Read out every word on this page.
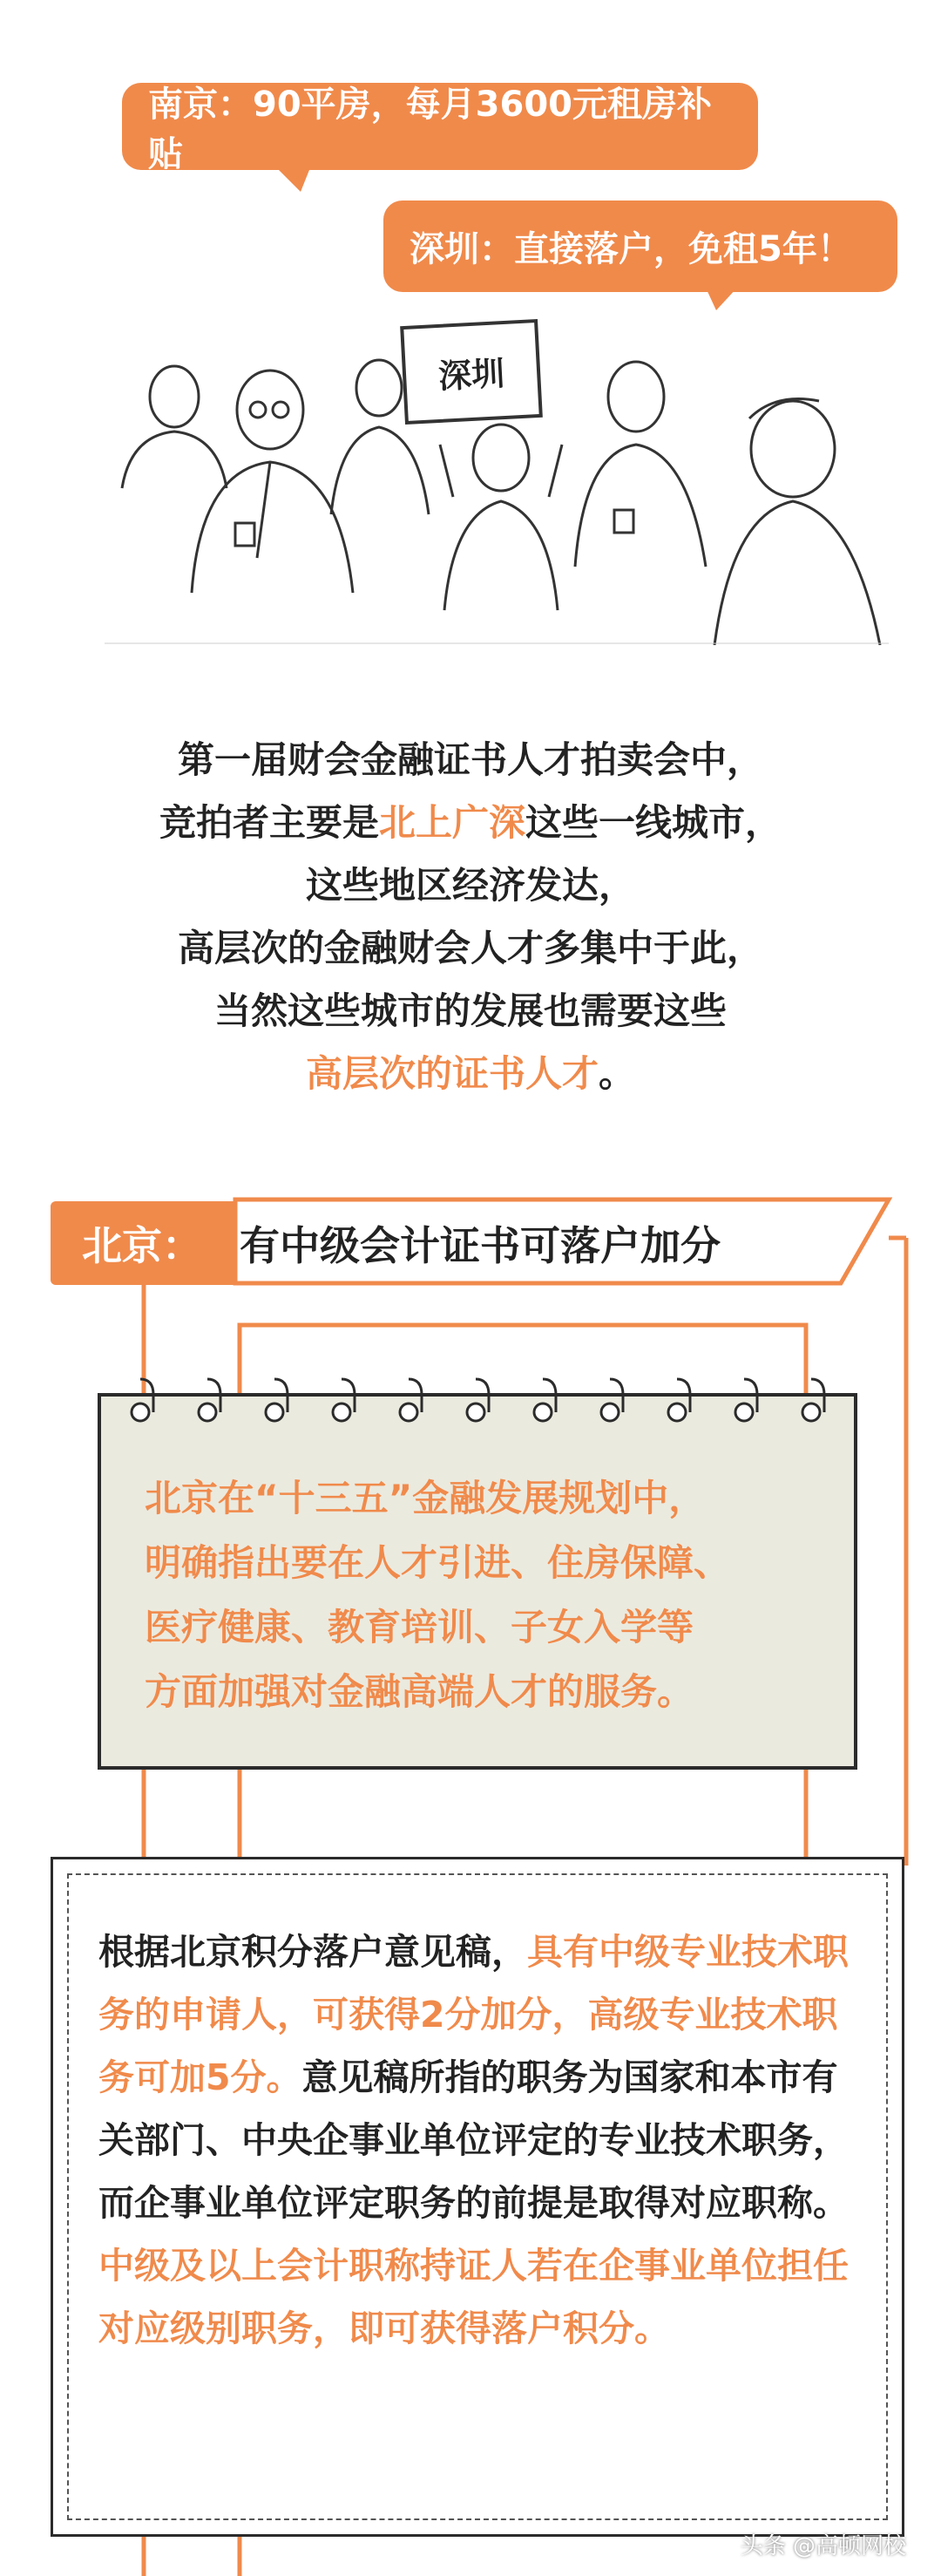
南京：90平房，每月3600元租房补贴
深圳：直接落户，免租5年！
深圳
第一届财会金融证书人才拍卖会中，
竞拍者主要是北上广深这些一线城市，
这些地区经济发达，
高层次的金融财会人才多集中于此，
当然这些城市的发展也需要这些
高层次的证书人才。
北京： 有中级会计证书可落户加分
北京在“十三五”金融发展规划中，
明确指出要在人才引进、住房保障、
医疗健康、教育培训、子女入学等
方面加强对金融高端人才的服务。
根据北京积分落户意见稿，具有中级专业技术职务的申请人，可获得2分加分，高级专业技术职务可加5分。意见稿所指的职务为国家和本市有关部门、中央企事业单位评定的专业技术职务，而企事业单位评定职务的前提是取得对应职称。中级及以上会计职称持证人若在企事业单位担任对应级别职务，即可获得落户积分。
头条 @高顿网校
